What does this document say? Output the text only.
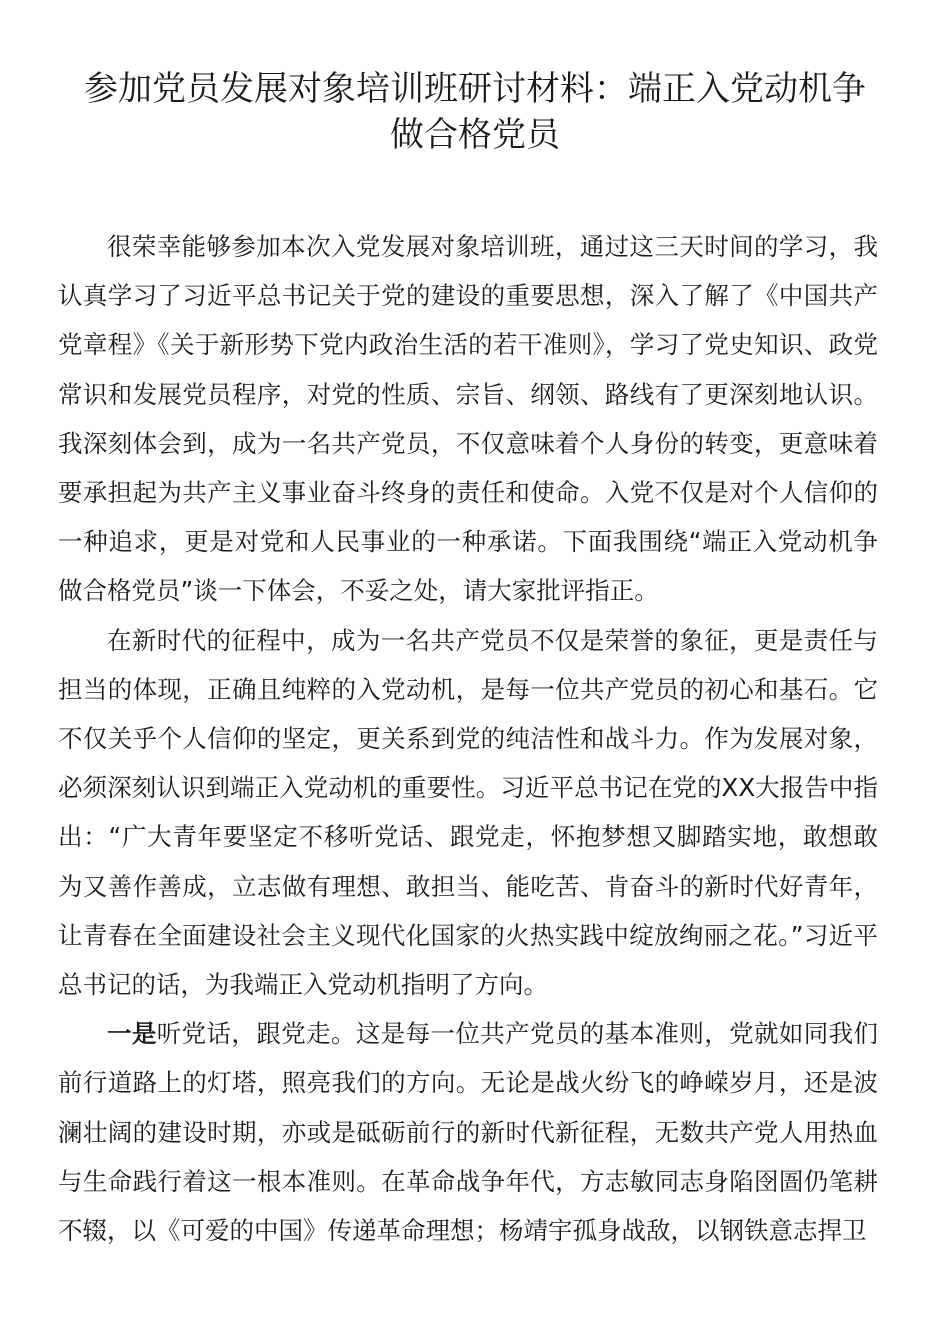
参加党员发展对象培训班研讨材料：端正入党动机争
做合格党员

很荣幸能够参加本次入党发展对象培训班，通过这三天时间的学习，我认真学习了习近平总书记关于党的建设的重要思想，深入了解了《中国共产党章程》《关于新形势下党内政治生活的若干准则》，学习了党史知识、政党常识和发展党员程序，对党的性质、宗旨、纲领、路线有了更深刻地认识。我深刻体会到，成为一名共产党员，不仅意味着个人身份的转变，更意味着要承担起为共产主义事业奋斗终身的责任和使命。入党不仅是对个人信仰的一种追求，更是对党和人民事业的一种承诺。下面我围绕“端正入党动机争做合格党员”谈一下体会，不妥之处，请大家批评指正。

在新时代的征程中，成为一名共产党员不仅是荣誉的象征，更是责任与担当的体现，正确且纯粹的入党动机，是每一位共产党员的初心和基石。它不仅关乎个人信仰的坚定，更关系到党的纯洁性和战斗力。作为发展对象，必须深刻认识到端正入党动机的重要性。习近平总书记在党的XX大报告中指出：“广大青年要坚定不移听党话、跟党走，怀抱梦想又脚踏实地，敢想敢为又善作善成，立志做有理想、敢担当、能吃苦、肯奋斗的新时代好青年，让青春在全面建设社会主义现代化国家的火热实践中绽放绚丽之花。”习近平总书记的话，为我端正入党动机指明了方向。

一是听党话，跟党走。这是每一位共产党员的基本准则，党就如同我们前行道路上的灯塔，照亮我们的方向。无论是战火纷飞的峥嵘岁月，还是波澜壮阔的建设时期，亦或是砥砺前行的新时代新征程，无数共产党人用热血与生命践行着这一根本准则。在革命战争年代，方志敏同志身陷囹圄仍笔耕不辍，以《可爱的中国》传递革命理想；杨靖宇孤身战敌，以钢铁意志捍卫
